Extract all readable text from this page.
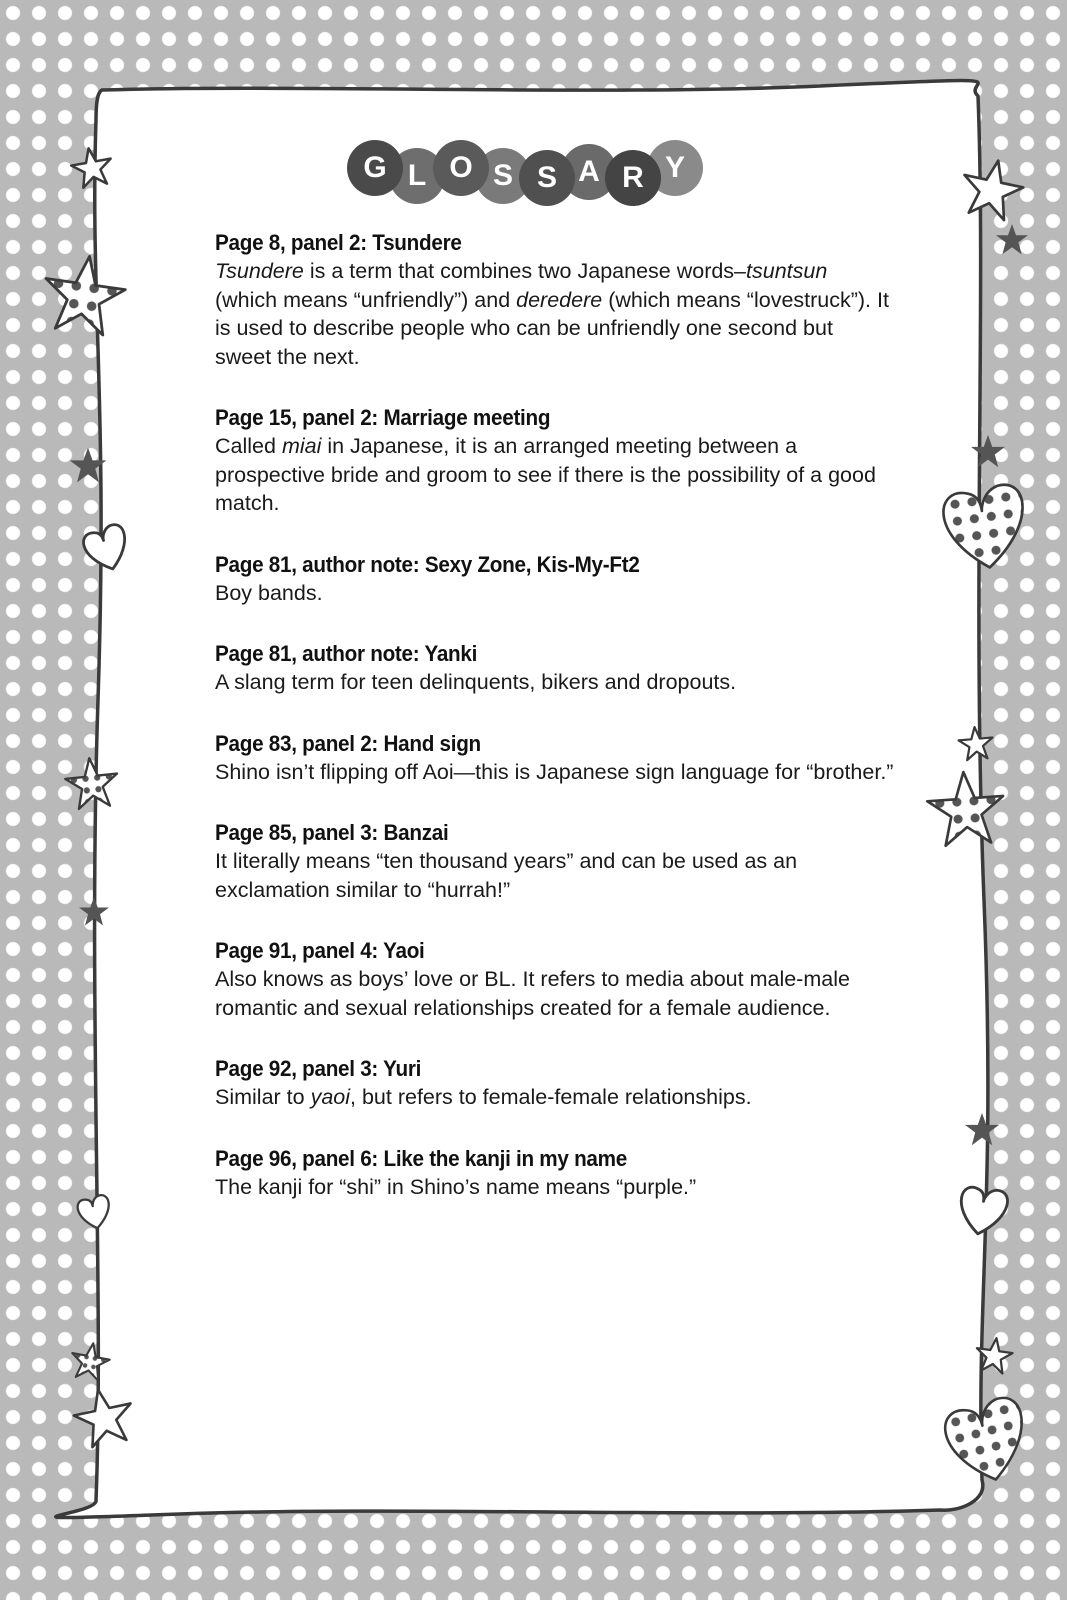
G L O S S A R Y
Page 8, panel 2: Tsundere
Tsundere is a term that combines two Japanese words–tsuntsun (which means “unfriendly”) and deredere (which means “lovestruck”). It is used to describe people who can be unfriendly one second but sweet the next.
Page 15, panel 2: Marriage meeting
Called miai in Japanese, it is an arranged meeting between a prospective bride and groom to see if there is the possibility of a good match.
Page 81, author note: Sexy Zone, Kis-My-Ft2
Boy bands.
Page 81, author note: Yanki
A slang term for teen delinquents, bikers and dropouts.
Page 83, panel 2: Hand sign
Shino isn’t flipping off Aoi—this is Japanese sign language for “brother.”
Page 85, panel 3: Banzai
It literally means “ten thousand years” and can be used as an exclamation similar to “hurrah!”
Page 91, panel 4: Yaoi
Also knows as boys’ love or BL. It refers to media about male-male romantic and sexual relationships created for a female audience.
Page 92, panel 3: Yuri
Similar to yaoi, but refers to female-female relationships.
Page 96, panel 6: Like the kanji in my name
The kanji for “shi” in Shino’s name means “purple.”
